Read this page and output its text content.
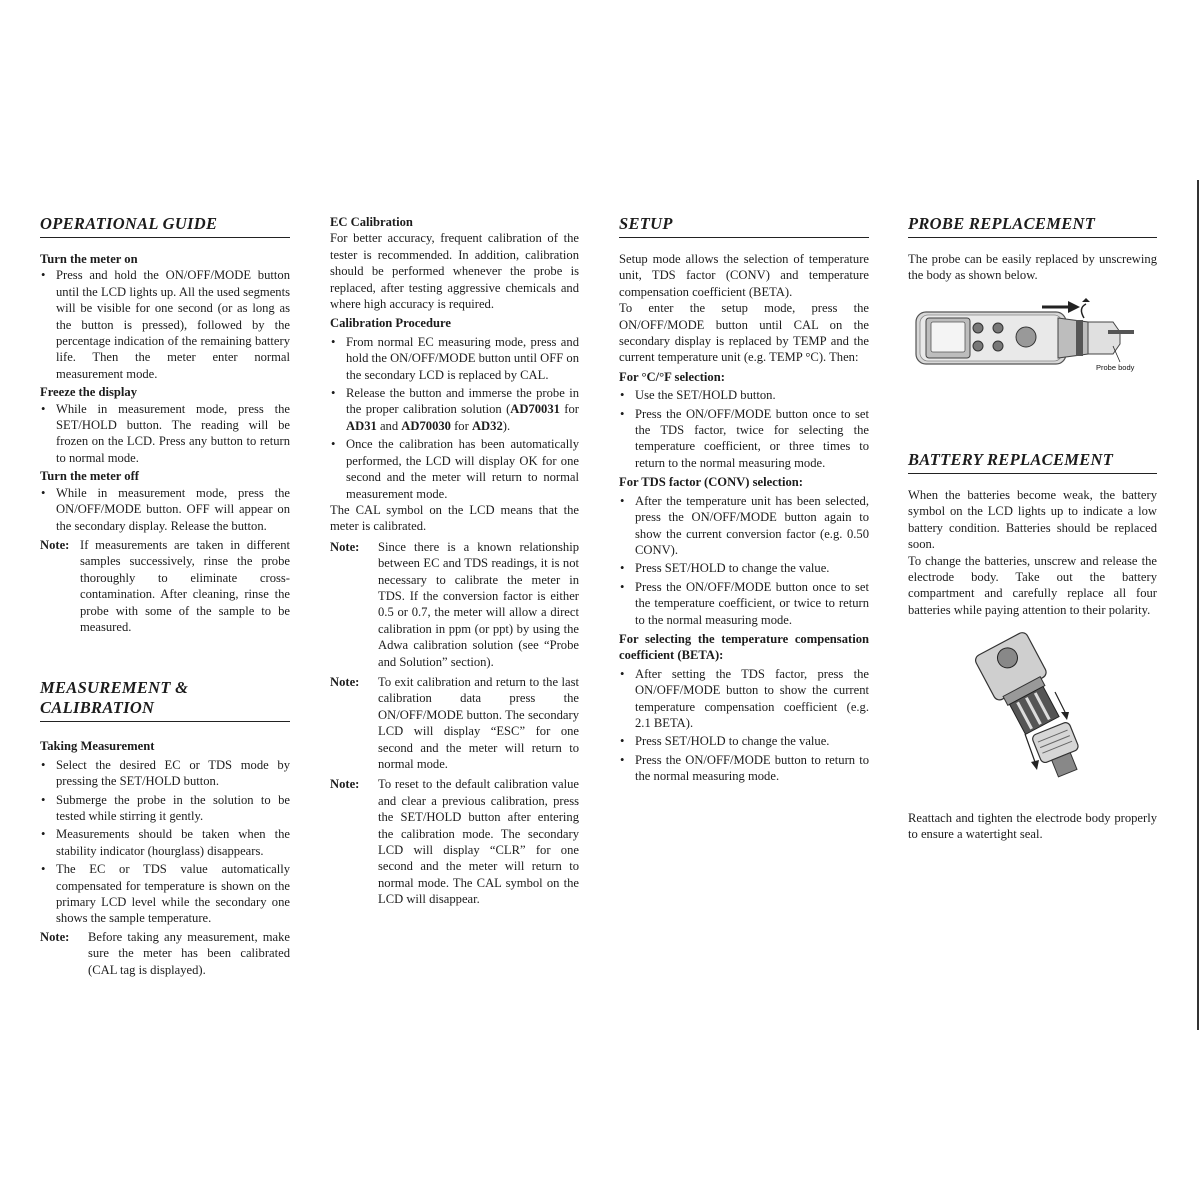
OPERATIONAL GUIDE

Turn the meter on

• Press and hold the ON/OFF/MODE button until the LCD lights up. All the used segments will be visible for one second (or as long as the button is pressed), followed by the percentage indication of the remaining battery life. Then the meter enter normal measurement mode.

Freeze the display

• While in measurement mode, press the SET/HOLD button. The reading will be frozen on the LCD. Press any button to return to normal mode.

Turn the meter off

• While in measurement mode, press the ON/OFF/MODE button. OFF will appear on the secondary display. Release the button.
Note: If measurements are taken in different samples successively, rinse the probe thoroughly to eliminate cross-contamination. After cleaning, rinse the probe with some of the sample to be measured.
MEASUREMENT & CALIBRATION

Taking Measurement

• Select the desired EC or TDS mode by pressing the SET/HOLD button.
• Submerge the probe in the solution to be tested while stirring it gently.
• Measurements should be taken when the stability indicator (hourglass) disappears.
• The EC or TDS value automatically compensated for temperature is shown on the primary LCD level while the secondary one shows the sample temperature.
Note:	Before taking any measurement, make sure the meter has been calibrated (CAL tag is displayed).

EC Calibration

For better accuracy, frequent calibration of the tester is recommended. In addition, calibration should be performed whenever the probe is replaced, after testing aggressive chemicals and where high accuracy is required.

Calibration Procedure

• From normal EC measuring mode, press and hold the ON/OFF/MODE button until OFF on the secondary LCD is replaced by CAL.
• Release the button and immerse the probe in the proper calibration solution (AD70031 for AD31 and AD70030 for AD32).
• Once the calibration has been automatically performed, the LCD will display OK for one second and the meter will return to normal measurement mode.

The CAL symbol on the LCD means that the meter is calibrated.

Note:	Since there is a known relationship between EC and TDS readings, it is not necessary to calibrate the meter in TDS. If the conversion factor is either 0.5 or 0.7, the meter will allow a direct calibration in ppm (or ppt) by using the Adwa calibration solution (see “Probe and Solution” section).
Note:	To exit calibration and return to the last calibration data press the ON/OFF/MODE button. The secondary LCD will display “ESC” for one second and the meter will return to normal mode.
Note:	To reset to the default calibration value and clear a previous calibration, press the SET/HOLD button after entering the calibration mode. The secondary LCD will display “CLR” for one second and the meter will return to normal mode. The CAL symbol on the LCD will disappear.
SETUP

Setup mode allows the selection of temperature unit, TDS factor (CONV) and temperature compensation coefficient (BETA).

To enter the setup mode, press the ON/OFF/MODE button until CAL on the secondary display is replaced by TEMP and the current temperature unit (e.g. TEMP °C). Then:

For °C/°F selection:

• Use the SET/HOLD button.
• Press the ON/OFF/MODE button once to set the TDS factor, twice for selecting the temperature coefficient, or three times to return to the normal measuring mode.

For TDS factor (CONV) selection:

• After the temperature unit has been selected, press the ON/OFF/MODE button again to show the current conversion factor (e.g. 0.50 CONV).
• Press SET/HOLD to change the value.
• Press the ON/OFF/MODE button once to set the temperature coefficient, or twice to return to the normal measuring mode.

For selecting the temperature compensation coefficient (BETA):

• After setting the TDS factor, press the ON/OFF/MODE button to show the current temperature compensation coefficient (e.g. 2.1 BETA).
• Press SET/HOLD to change the value.
• Press the ON/OFF/MODE button to return to the normal measuring mode.
PROBE REPLACEMENT

The probe can be easily replaced by unscrewing the body as shown below.

Probe body
BATTERY REPLACEMENT

When the batteries become weak, the battery symbol on the LCD lights up to indicate a low battery condition. Batteries should be replaced soon.

To change the batteries, unscrew and release the electrode body. Take out the battery compartment and carefully replace all four batteries while paying attention to their polarity.

Reattach and tighten the electrode body properly to ensure a watertight seal.
